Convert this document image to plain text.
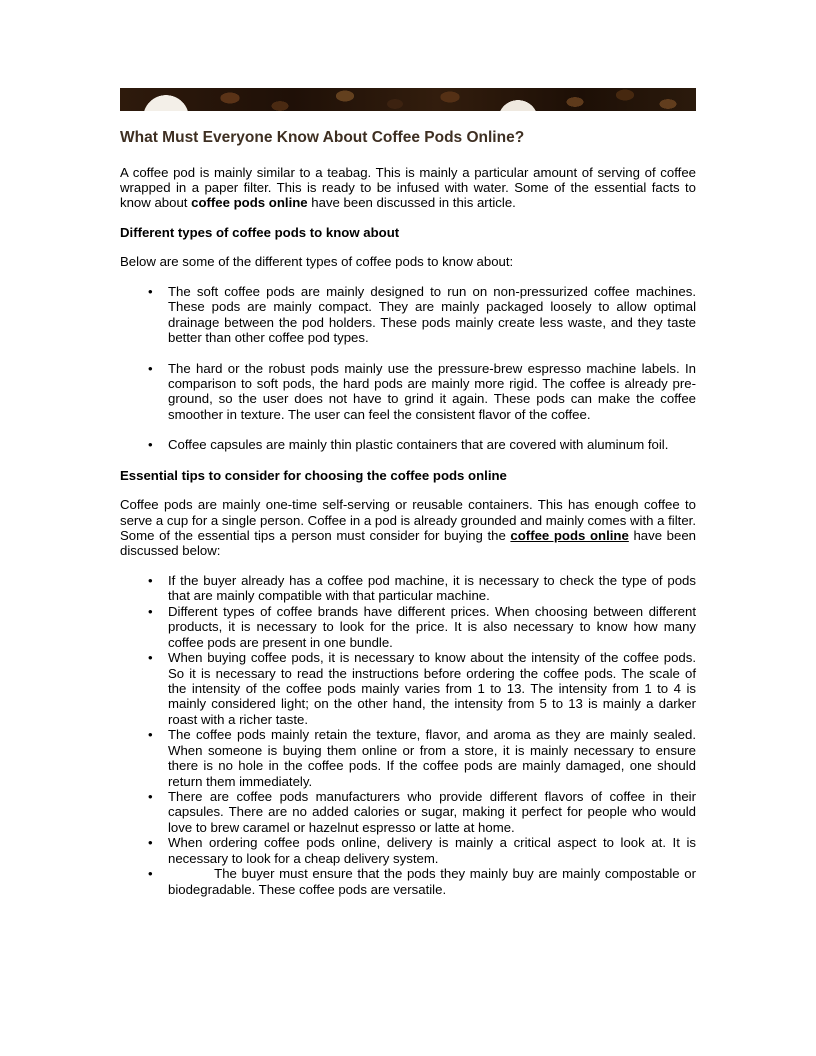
What Must Everyone Know About Coffee Pods Online?

A coffee pod is mainly similar to a teabag. This is mainly a particular amount of serving of coffee wrapped in a paper filter. This is ready to be infused with water. Some of the essential facts to know about coffee pods online have been discussed in this article.

Different types of coffee pods to know about

Below are some of the different types of coffee pods to know about:

• The soft coffee pods are mainly designed to run on non-pressurized coffee machines. These pods are mainly compact. They are mainly packaged loosely to allow optimal drainage between the pod holders. These pods mainly create less waste, and they taste better than other coffee pod types.
• The hard or the robust pods mainly use the pressure-brew espresso machine labels. In comparison to soft pods, the hard pods are mainly more rigid. The coffee is already pre-ground, so the user does not have to grind it again. These pods can make the coffee smoother in texture. The user can feel the consistent flavor of the coffee.
• Coffee capsules are mainly thin plastic containers that are covered with aluminum foil.
Essential tips to consider for choosing the coffee pods online

Coffee pods are mainly one-time self-serving or reusable containers. This has enough coffee to serve a cup for a single person. Coffee in a pod is already grounded and mainly comes with a filter. Some of the essential tips a person must consider for buying the coffee pods online have been discussed below:

• If the buyer already has a coffee pod machine, it is necessary to check the type of pods that are mainly compatible with that particular machine.
• Different types of coffee brands have different prices. When choosing between different products, it is necessary to look for the price. It is also necessary to know how many coffee pods are present in one bundle.
• When buying coffee pods, it is necessary to know about the intensity of the coffee pods. So it is necessary to read the instructions before ordering the coffee pods. The scale of the intensity of the coffee pods mainly varies from 1 to 13. The intensity from 1 to 4 is mainly considered light; on the other hand, the intensity from 5 to 13 is mainly a darker roast with a richer taste.
• The coffee pods mainly retain the texture, flavor, and aroma as they are mainly sealed. When someone is buying them online or from a store, it is mainly necessary to ensure there is no hole in the coffee pods. If the coffee pods are mainly damaged, one should return them immediately.
• There are coffee pods manufacturers who provide different flavors of coffee in their capsules. There are no added calories or sugar, making it perfect for people who would love to brew caramel or hazelnut espresso or latte at home.
• When ordering coffee pods online, delivery is mainly a critical aspect to look at. It is necessary to look for a cheap delivery system.
•           The buyer must ensure that the pods they mainly buy are mainly compostable or biodegradable. These coffee pods are versatile.
